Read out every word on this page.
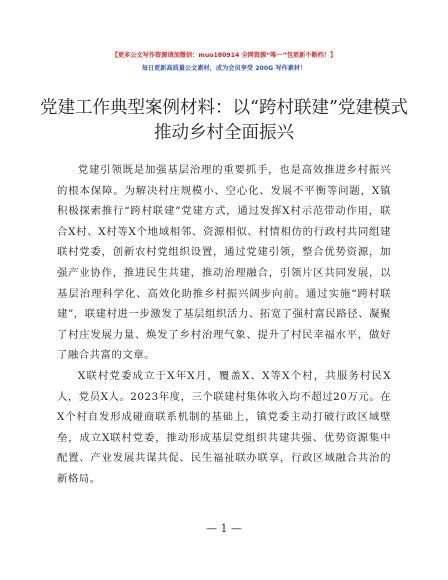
【更多公文写作资源请加微信：muo180914 全网资源“唯一”包更新不断档！】
每日更新高质量公文素材，成为会员享受 200G 写作素材！
党建工作典型案例材料：以“跨村联建”党建模式推动乡村全面振兴

党建引领既是加强基层治理的重要抓手，也是高效推进乡村振兴的根本保障。为解决村庄规模小、空心化、发展不平衡等问题，X镇积极探索推行“跨村联建”党建方式，通过发挥X村示范带动作用，联合X村、X村等X个地域相邻、资源相似、村情相仿的行政村共同组建联村党委，创新农村党组织设置，通过党建引领，整合优势资源，加强产业协作，推进民生共建，推动治理融合，引领片区共同发展，以基层治理科学化、高效化助推乡村振兴阔步向前。通过实施“跨村联建”，联建村进一步激发了基层组织活力、拓宽了强村富民路径、凝聚了村庄发展力量、焕发了乡村治理气象、提升了村民幸福水平，做好了融合共富的文章。

X联村党委成立于X年X月，覆盖X、X等X个村，共服务村民X人，党员X人。2023年度，三个联建村集体收入均不超过20万元。在X个村自发形成碰商联系机制的基础上，镇党委主动打破行政区域壁垒，成立X联村党委，推动形成基层党组织共建共强、优势资源集中配置、产业发展共谋共促、民生福祉联办联享，行政区域融合共治的新格局。

— 1 —
